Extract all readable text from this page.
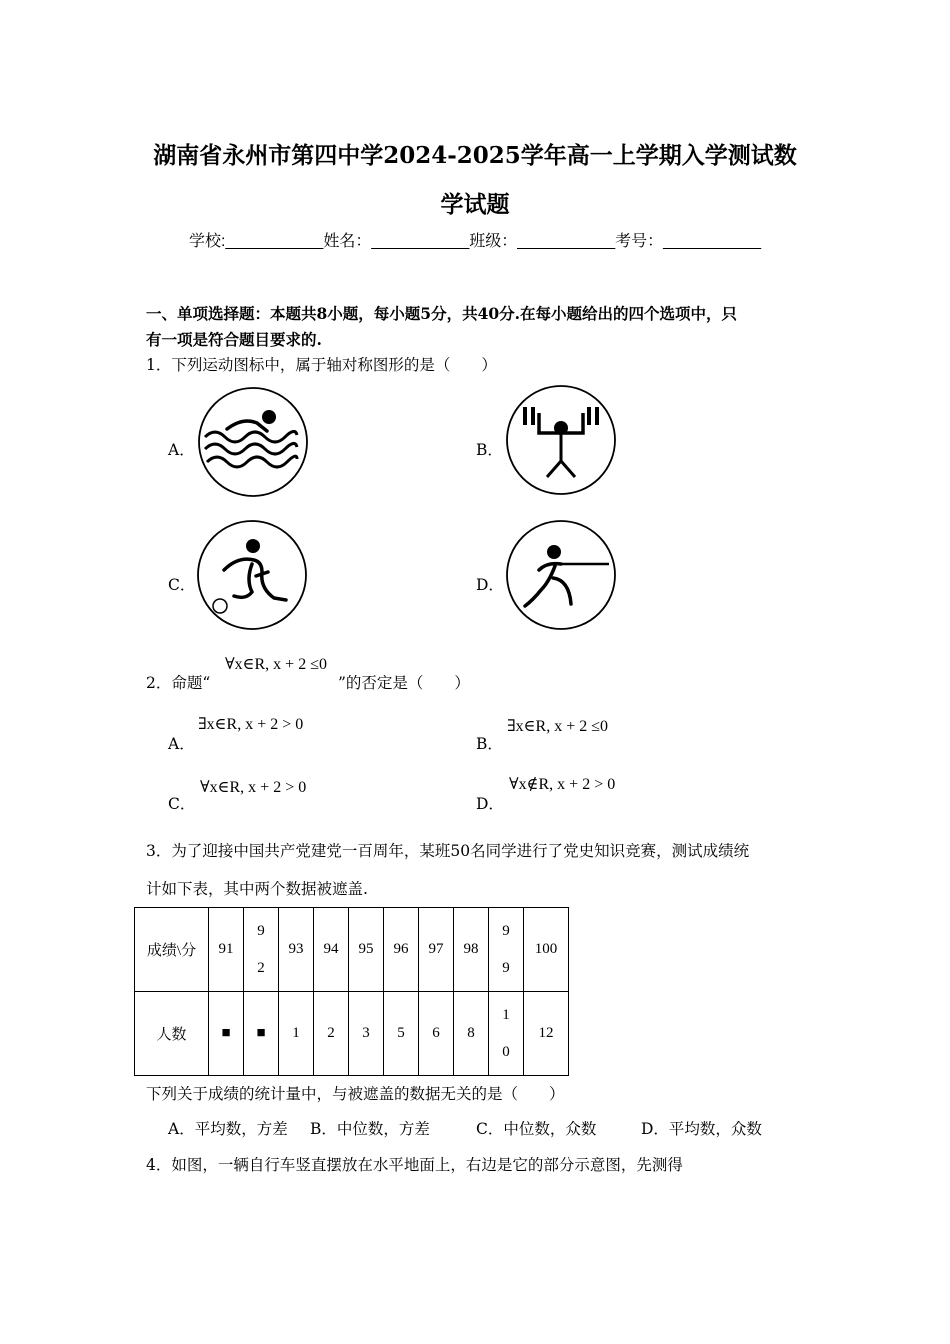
湖南省永州市第四中学2024-2025学年高一上学期入学测试数
学试题
学校:___________姓名：___________班级：___________考号：___________
一、单项选择题：本题共8小题，每小题5分，共40分.在每小题给出的四个选项中，只
有一项是符合题目要求的.
1．下列运动图标中，属于轴对称图形的是（　　）
A．	B．
C．	D．
2．命题“
∀x∈R, x + 2 ≤0
”的否定是（　　）
A．
∃x∈R, x + 2 > 0
B．
∃x∈R, x + 2 ≤0
C．
∀x∈R, x + 2 > 0
D．
∀x∉R, x + 2 > 0
3．为了迎接中国共产党建党一百周年，某班50名同学进行了党史知识竞赛，测试成绩统
计如下表，其中两个数据被遮盖.
成绩\分	91	92	93	94	95	96	97	98	99	100
人数	■	■	1	2	3	5	6	8	10	12
下列关于成绩的统计量中，与被遮盖的数据无关的是（　　）
A．平均数，方差 B．中位数，方差	C．中位数，众数	D．平均数，众数
4．如图，一辆自行车竖直摆放在水平地面上，右边是它的部分示意图，先测得
